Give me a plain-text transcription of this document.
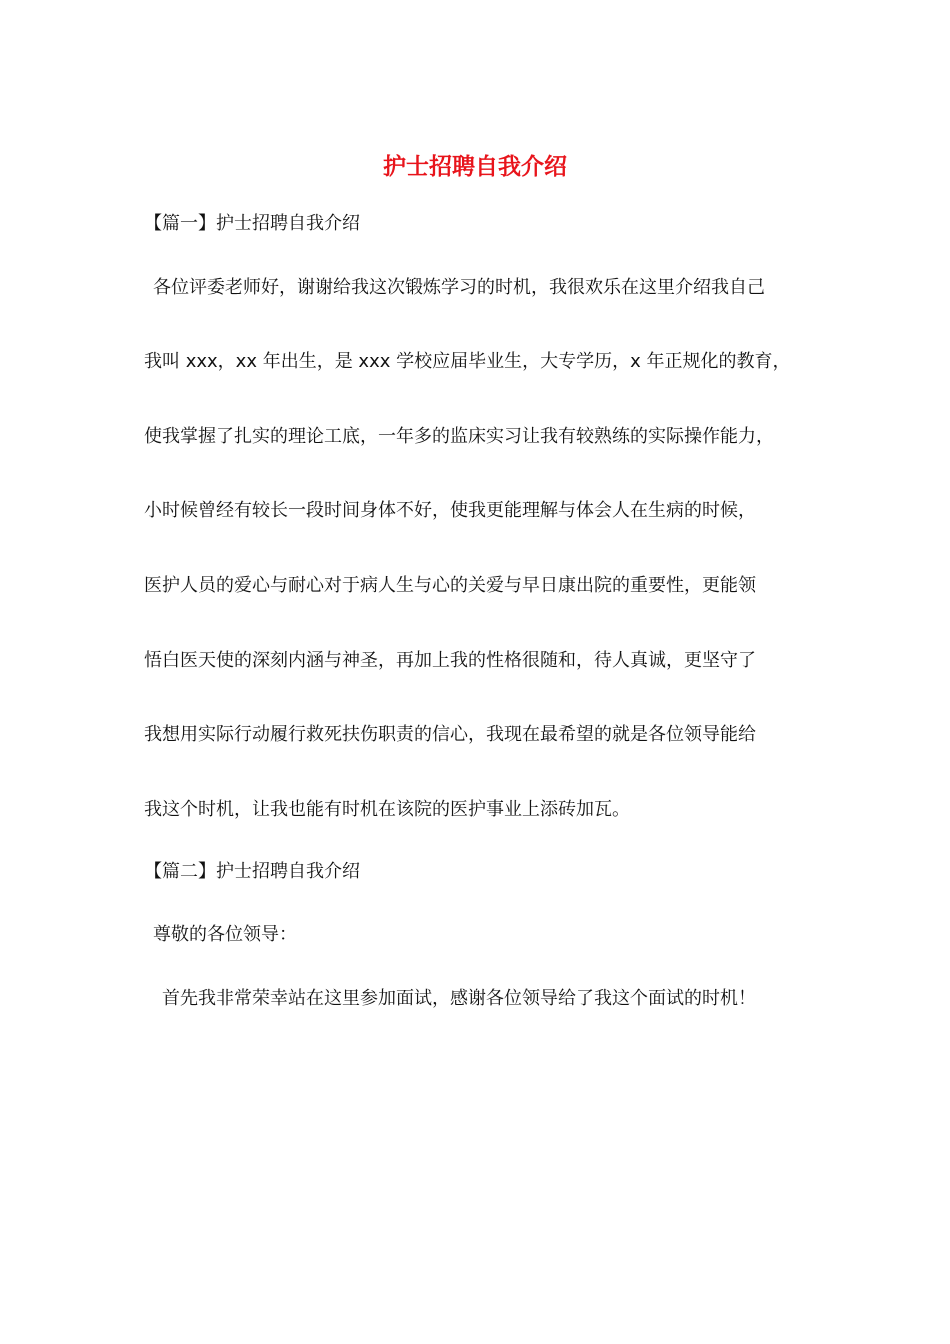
护士招聘自我介绍
【篇一】护士招聘自我介绍
各位评委老师好，谢谢给我这次锻炼学习的时机，我很欢乐在这里介绍我自己
我叫 xxx，xx 年出生，是 xxx 学校应届毕业生，大专学历，x 年正规化的教育，
使我掌握了扎实的理论工底，一年多的监床实习让我有较熟练的实际操作能力，
小时候曾经有较长一段时间身体不好，使我更能理解与体会人在生病的时候，
医护人员的爱心与耐心对于病人生与心的关爱与早日康出院的重要性，更能领
悟白医天使的深刻内涵与神圣，再加上我的性格很随和，待人真诚，更坚守了
我想用实际行动履行救死扶伤职责的信心，我现在最希望的就是各位领导能给
我这个时机，让我也能有时机在该院的医护事业上添砖加瓦。
【篇二】护士招聘自我介绍
尊敬的各位领导：
首先我非常荣幸站在这里参加面试，感谢各位领导给了我这个面试的时机！
